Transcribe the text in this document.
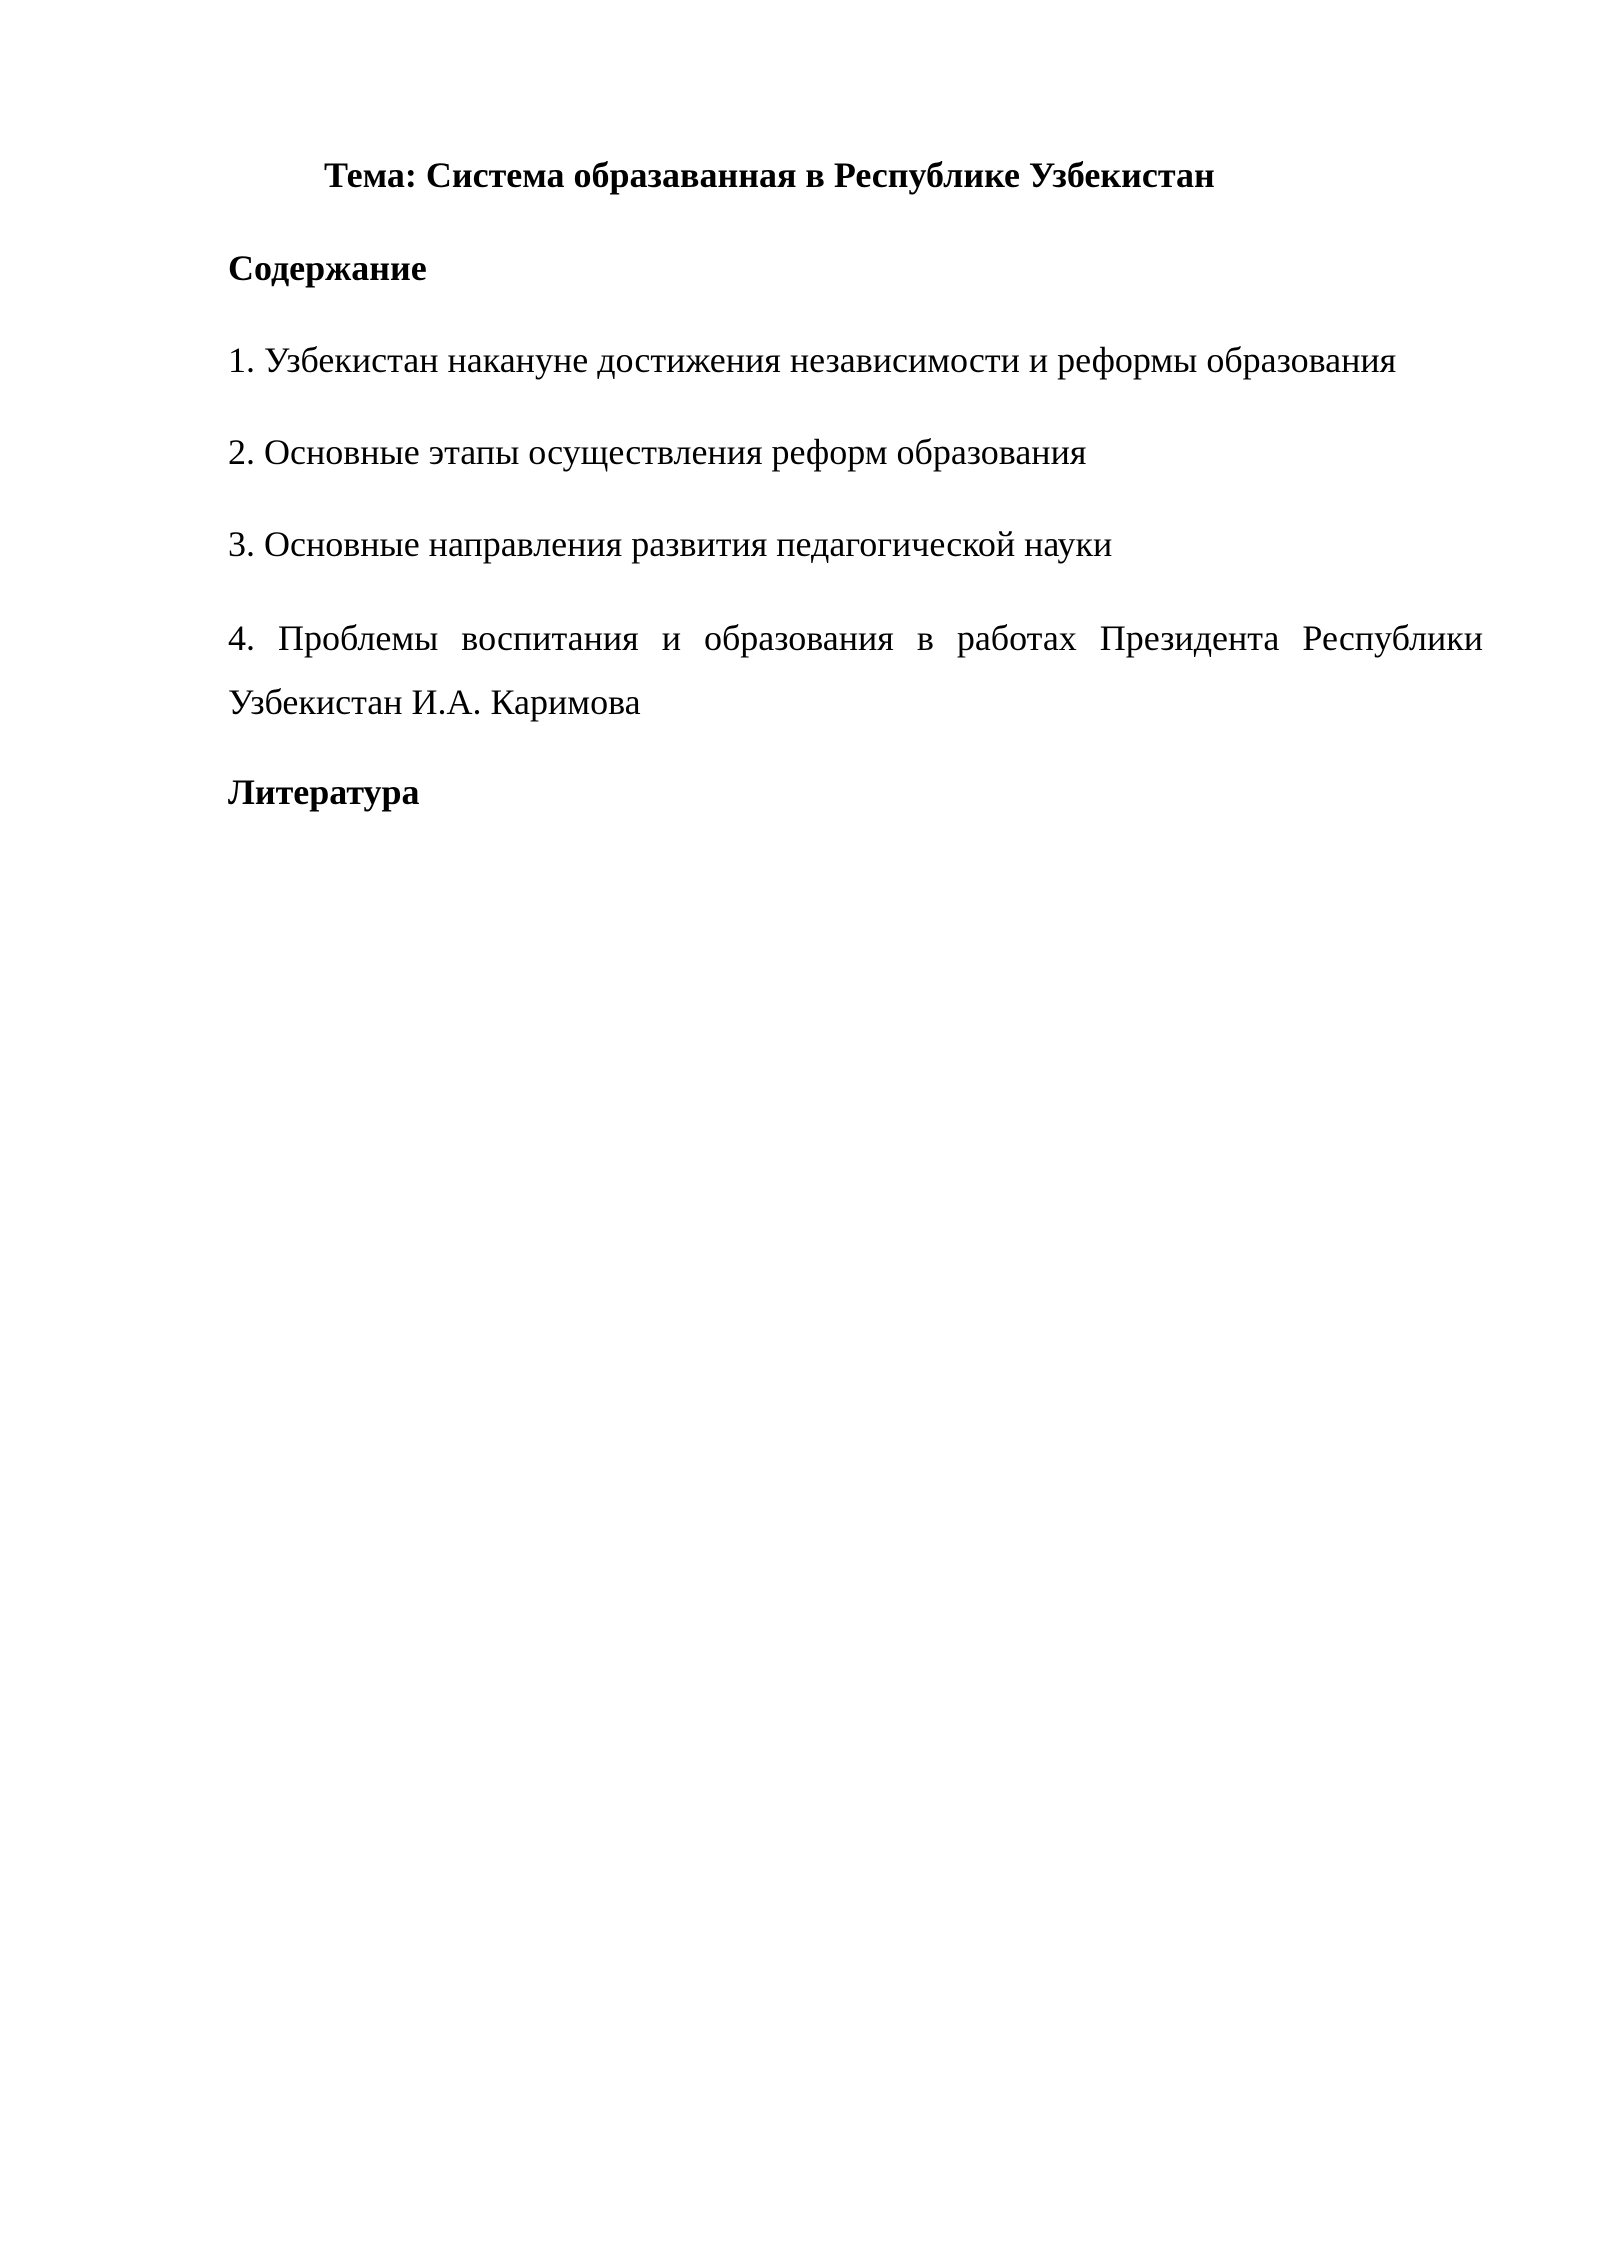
Тема: Система образаванная в Республике Узбекистан
Содержание
1. Узбекистан накануне достижения независимости и реформы образования
2. Основные этапы осуществления реформ образования
3. Основные направления развития педагогической науки
4. Проблемы воспитания и образования в работах Президента Республики Узбекистан И.А. Каримова
Литература
